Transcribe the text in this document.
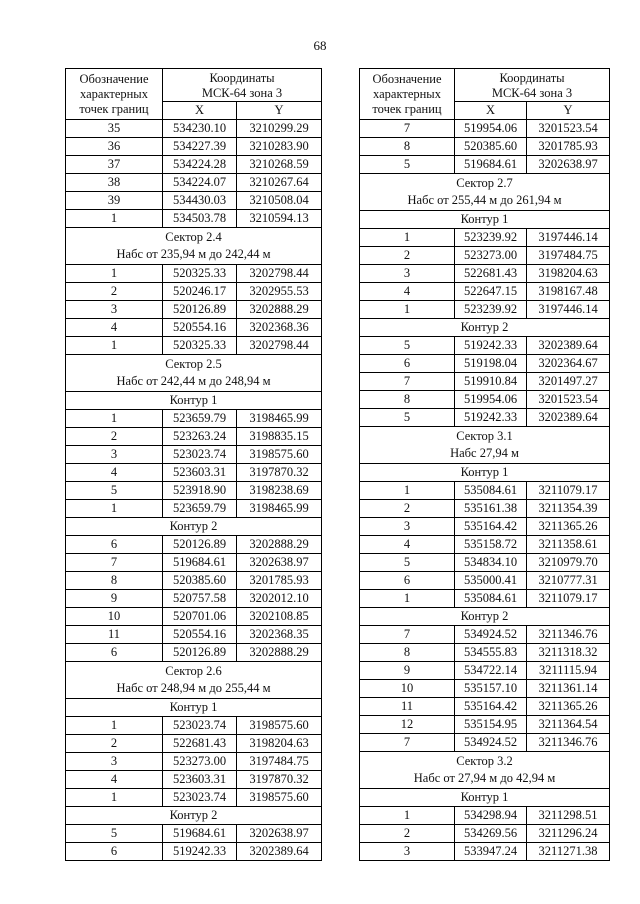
68
Обозначение
характерных
точек границ	Координаты
МСК-64 зона 3	
	X	Y
35	534230.10	3210299.29
36	534227.39	3210283.90
37	534224.28	3210268.59
38	534224.07	3210267.64
39	534430.03	3210508.04
1	534503.78	3210594.13
Сектор 2.4
Набс от 235,94 м до 242,44 м		
1	520325.33	3202798.44
2	520246.17	3202955.53
3	520126.89	3202888.29
4	520554.16	3202368.36
1	520325.33	3202798.44
Сектор 2.5
Набс от 242,44 м до 248,94 м		
Контур 1		
1	523659.79	3198465.99
2	523263.24	3198835.15
3	523023.74	3198575.60
4	523603.31	3197870.32
5	523918.90	3198238.69
1	523659.79	3198465.99
Контур 2		
6	520126.89	3202888.29
7	519684.61	3202638.97
8	520385.60	3201785.93
9	520757.58	3202012.10
10	520701.06	3202108.85
11	520554.16	3202368.35
6	520126.89	3202888.29
Сектор 2.6
Набс от 248,94 м до 255,44 м		
Контур 1		
1	523023.74	3198575.60
2	522681.43	3198204.63
3	523273.00	3197484.75
4	523603.31	3197870.32
1	523023.74	3198575.60
Контур 2		
5	519684.61	3202638.97
6	519242.33	3202389.64
Обозначение
характерных
точек границ	Координаты
МСК-64 зона 3	
	X	Y
7	519954.06	3201523.54
8	520385.60	3201785.93
5	519684.61	3202638.97
Сектор 2.7
Набс от 255,44 м до 261,94 м		
Контур 1		
1	523239.92	3197446.14
2	523273.00	3197484.75
3	522681.43	3198204.63
4	522647.15	3198167.48
1	523239.92	3197446.14
Контур 2		
5	519242.33	3202389.64
6	519198.04	3202364.67
7	519910.84	3201497.27
8	519954.06	3201523.54
5	519242.33	3202389.64
Сектор 3.1
Набс 27,94 м		
Контур 1		
1	535084.61	3211079.17
2	535161.38	3211354.39
3	535164.42	3211365.26
4	535158.72	3211358.61
5	534834.10	3210979.70
6	535000.41	3210777.31
1	535084.61	3211079.17
Контур 2		
7	534924.52	3211346.76
8	534555.83	3211318.32
9	534722.14	3211115.94
10	535157.10	3211361.14
11	535164.42	3211365.26
12	535154.95	3211364.54
7	534924.52	3211346.76
Сектор 3.2
Набс от 27,94 м до 42,94 м		
Контур 1		
1	534298.94	3211298.51
2	534269.56	3211296.24
3	533947.24	3211271.38
